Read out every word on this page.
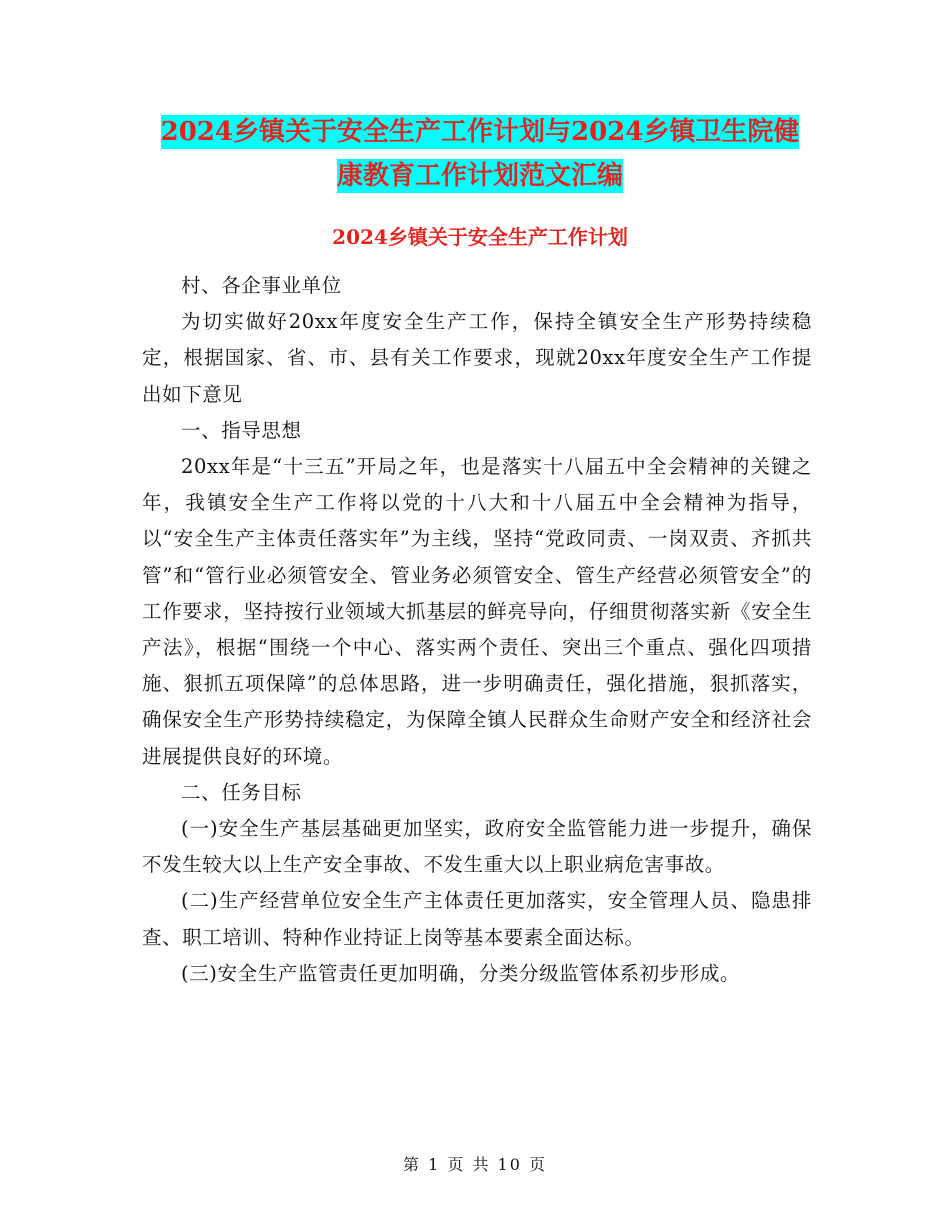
2024乡镇关于安全生产工作计划与2024乡镇卫生院健
康教育工作计划范文汇编
2024乡镇关于安全生产工作计划

村、各企事业单位

为切实做好20xx年度安全生产工作，保持全镇安全生产形势持续稳定，根据国家、省、市、县有关工作要求，现就20xx年度安全生产工作提出如下意见

一、指导思想

20xx年是“十三五”开局之年，也是落实十八届五中全会精神的关键之年，我镇安全生产工作将以党的十八大和十八届五中全会精神为指导，以“安全生产主体责任落实年”为主线，坚持“党政同责、一岗双责、齐抓共管”和“管行业必须管安全、管业务必须管安全、管生产经营必须管安全”的工作要求，坚持按行业领域大抓基层的鲜亮导向，仔细贯彻落实新《安全生产法》，根据“围绕一个中心、落实两个责任、突出三个重点、强化四项措施、狠抓五项保障”的总体思路，进一步明确责任，强化措施，狠抓落实，确保安全生产形势持续稳定，为保障全镇人民群众生命财产安全和经济社会进展提供良好的环境。

二、任务目标

(一)安全生产基层基础更加坚实，政府安全监管能力进一步提升，确保不发生较大以上生产安全事故、不发生重大以上职业病危害事故。

(二)生产经营单位安全生产主体责任更加落实，安全管理人员、隐患排查、职工培训、特种作业持证上岗等基本要素全面达标。

(三)安全生产监管责任更加明确，分类分级监管体系初步形成。

第 1 页 共 10 页
